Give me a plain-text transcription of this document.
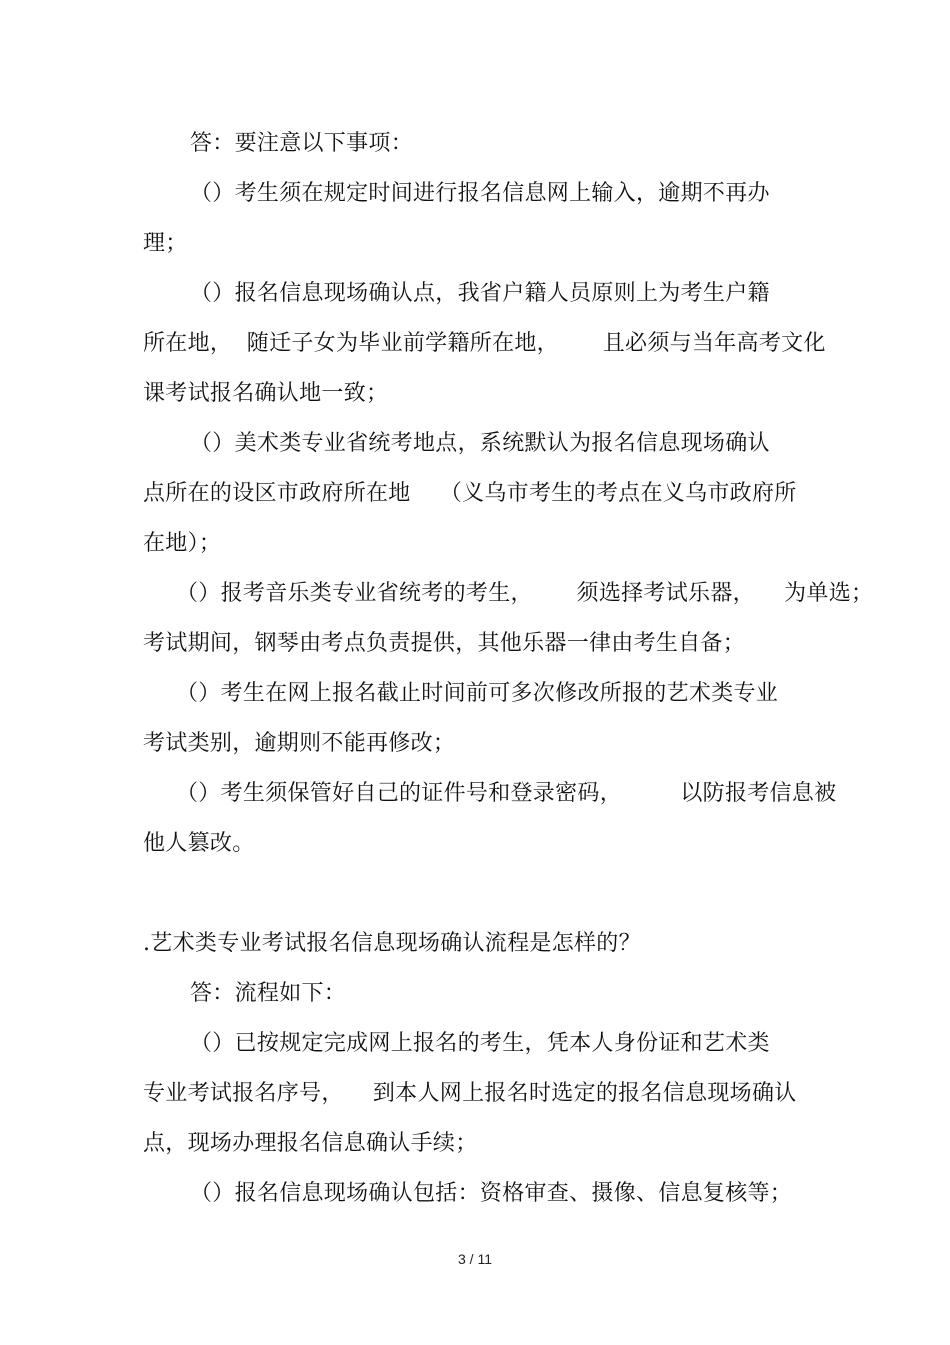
答：要注意以下事项：
（）考生须在规定时间进行报名信息网上输入，逾期不再办
理；
（）报名信息现场确认点，我省户籍人员原则上为考生户籍
所在地，  随迁子女为毕业前学籍所在地，      且必须与当年高考文化
课考试报名确认地一致；
（）美术类专业省统考地点，系统默认为报名信息现场确认
点所在的设区市政府所在地    （义乌市考生的考点在义乌市政府所
在地）；
（）报考音乐类专业省统考的考生，      须选择考试乐器，    为单选；
考试期间，钢琴由考点负责提供，其他乐器一律由考生自备；
（）考生在网上报名截止时间前可多次修改所报的艺术类专业
考试类别，逾期则不能再修改；
（）考生须保管好自己的证件号和登录密码，        以防报考信息被
他人篡改。
.艺术类专业考试报名信息现场确认流程是怎样的？
答：流程如下：
（）已按规定完成网上报名的考生，凭本人身份证和艺术类
专业考试报名序号，    到本人网上报名时选定的报名信息现场确认
点，现场办理报名信息确认手续；
（）报名信息现场确认包括：资格审查、摄像、信息复核等；
3 / 11
